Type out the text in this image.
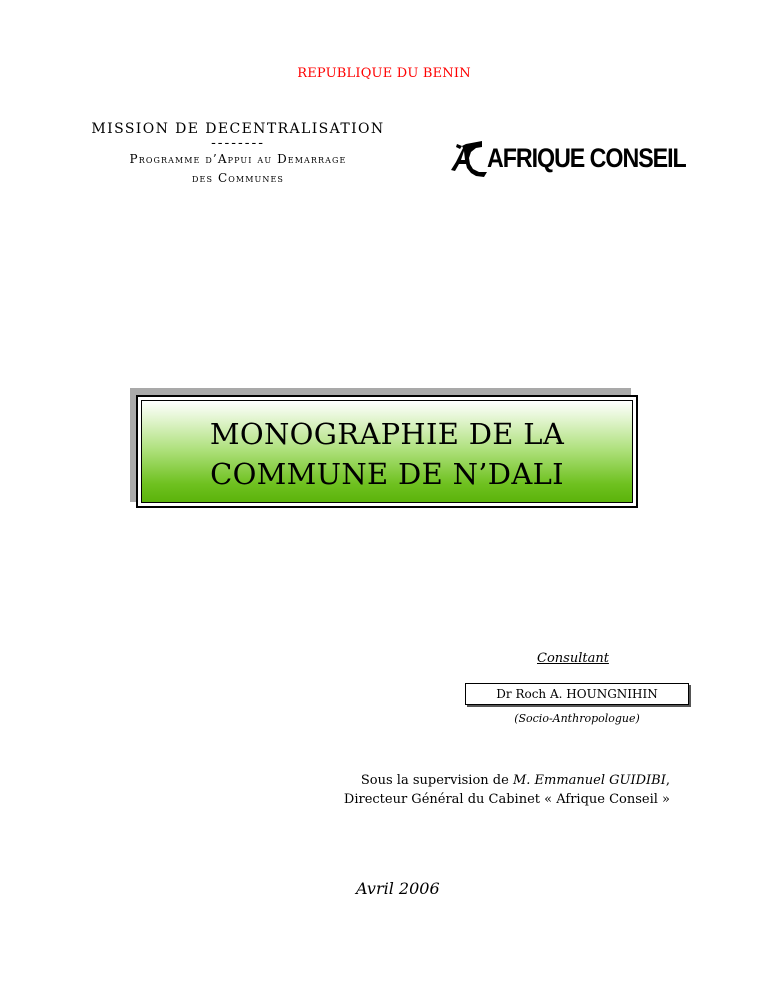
REPUBLIQUE DU BENIN
MISSION DE DECENTRALISATION
--------
Programme d’Appui au Demarrage
des Communes
AFRIQUE CONSEIL
MONOGRAPHIE DE LA
COMMUNE DE N’DALI
Consultant
Dr Roch A. HOUNGNIHIN
(Socio-Anthropologue)
Sous la supervision de M. Emmanuel GUIDIBI,
Directeur Général du Cabinet « Afrique Conseil »
Avril 2006
